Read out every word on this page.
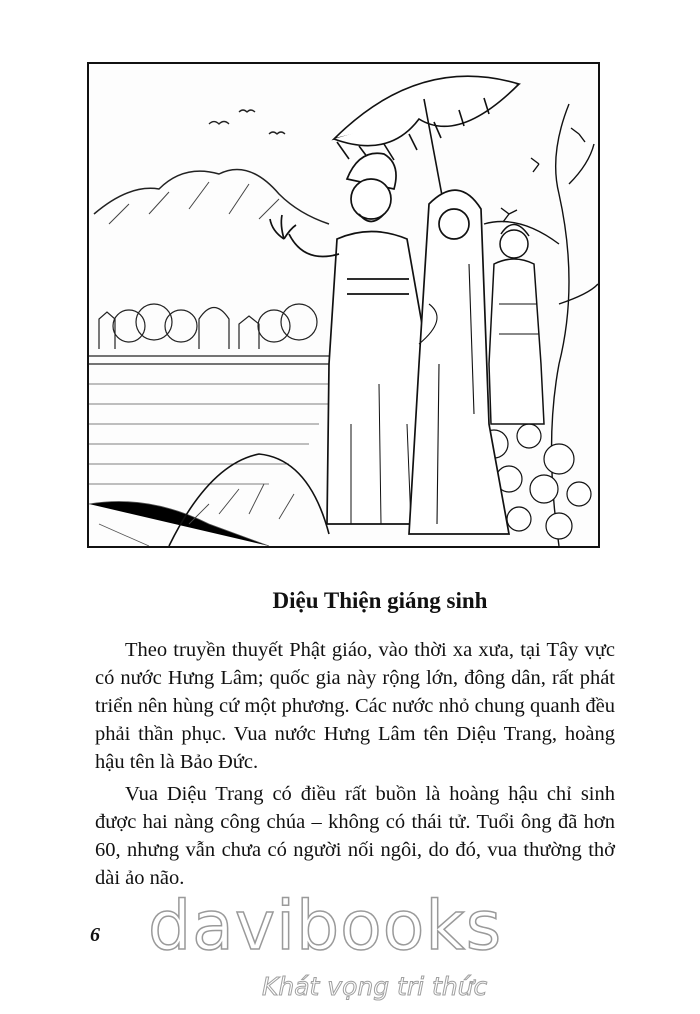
Diệu Thiện giáng sinh

Theo truyền thuyết Phật giáo, vào thời xa xưa, tại Tây vực có nước Hưng Lâm; quốc gia này rộng lớn, đông dân, rất phát triển nên hùng cứ một phương. Các nước nhỏ chung quanh đều phải thần phục. Vua nước Hưng Lâm tên Diệu Trang, hoàng hậu tên là Bảo Đức.

Vua Diệu Trang có điều rất buồn là hoàng hậu chỉ sinh được hai nàng công chúa – không có thái tử. Tuổi ông đã hơn 60, nhưng vẫn chưa có người nối ngôi, do đó, vua thường thở dài ảo não.

6 davibooks
Khát vọng tri thức
